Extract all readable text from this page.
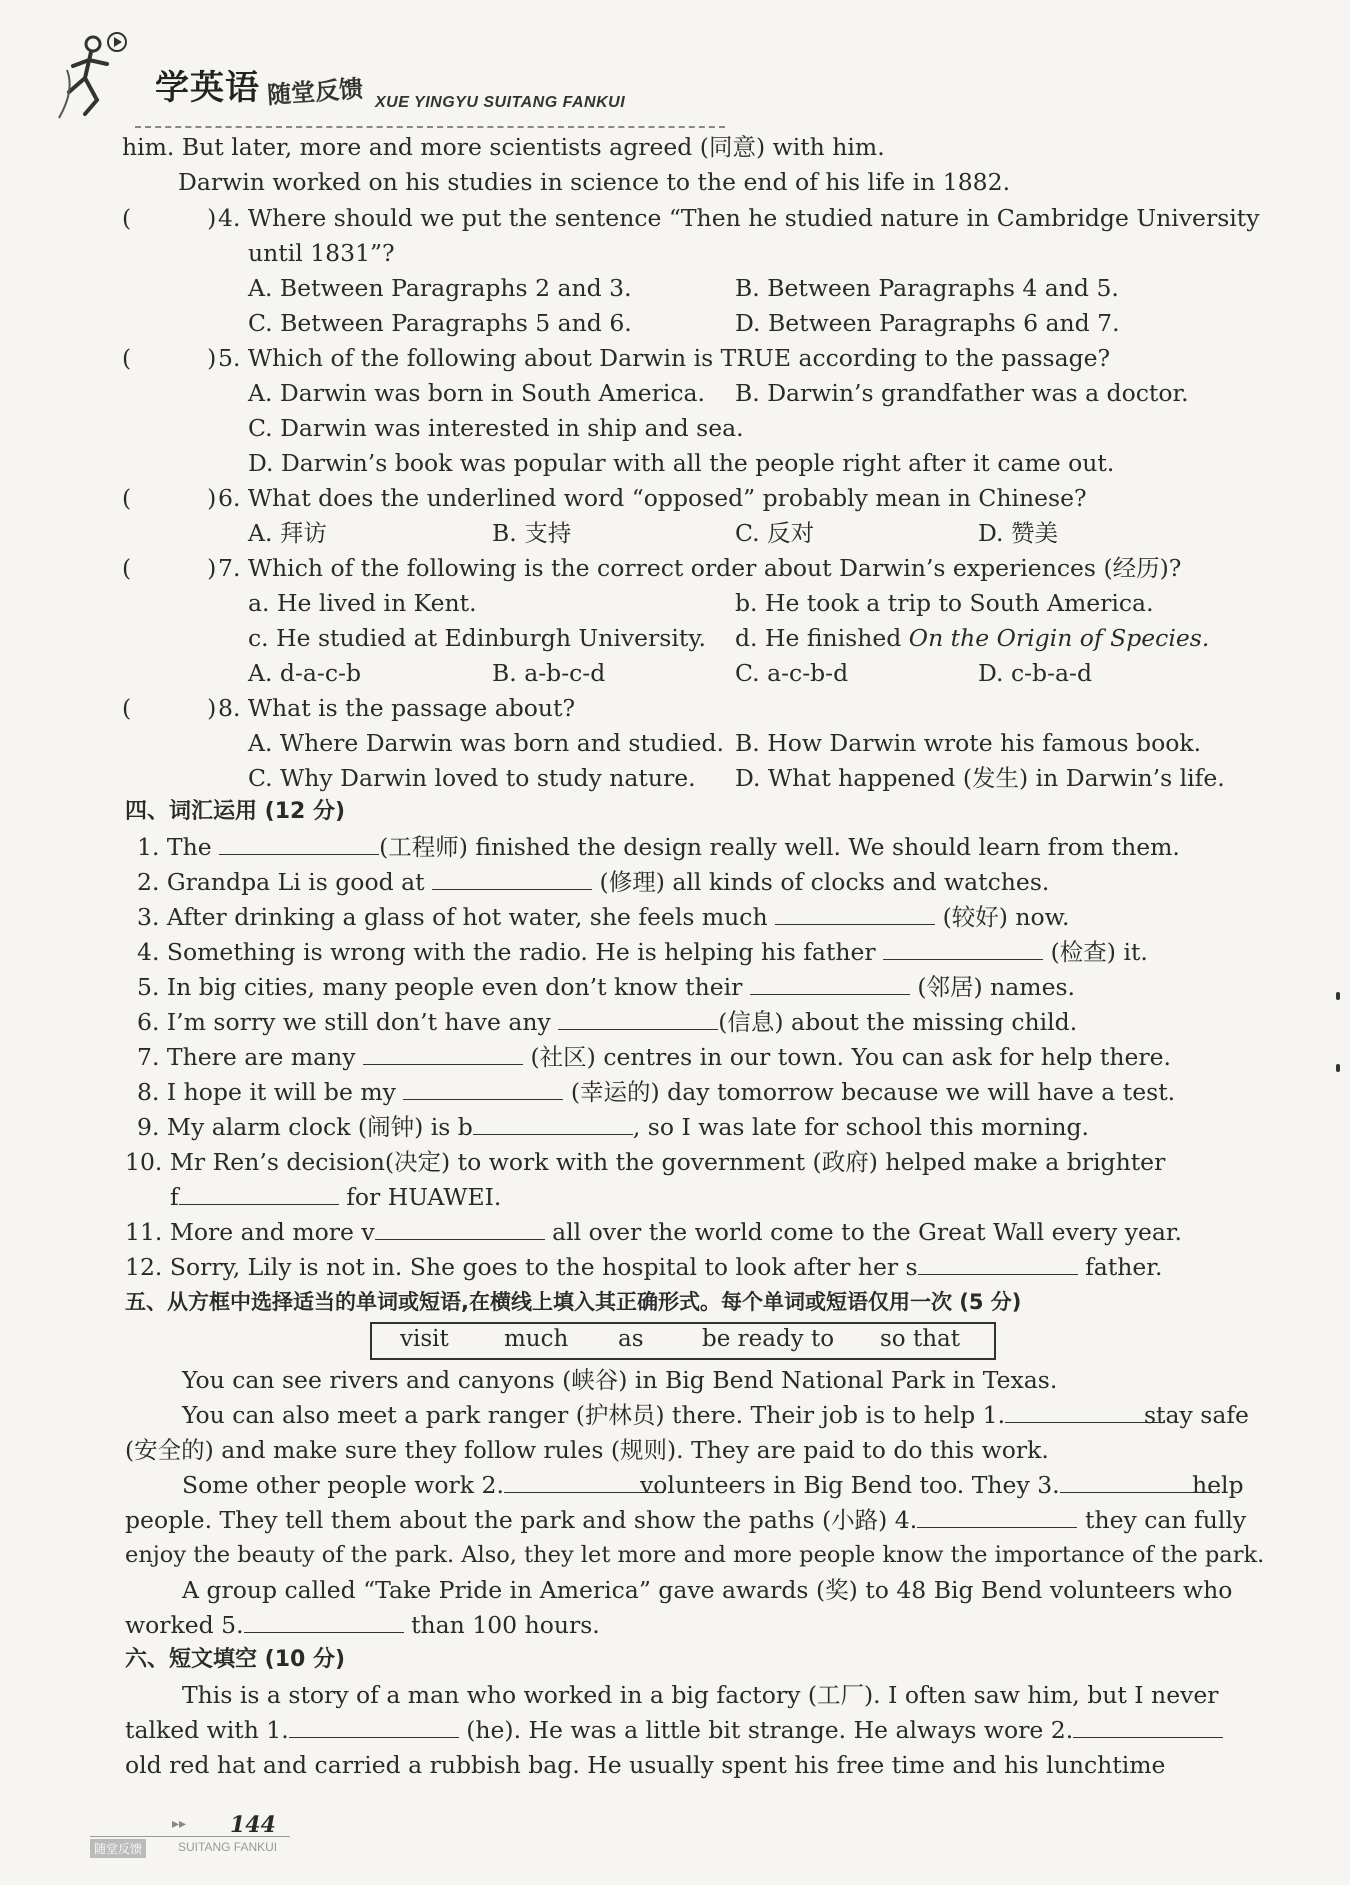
学英语 随堂反馈 XUE YINGYU SUITANG FANKUI
him. But later, more and more scientists agreed (同意) with him.
Darwin worked on his studies in science to the end of his life in 1882.
(	) 4. Where should we put the sentence “Then he studied nature in Cambridge University
until 1831”?
A. Between Paragraphs 2 and 3.	B. Between Paragraphs 4 and 5.
C. Between Paragraphs 5 and 6.	D. Between Paragraphs 6 and 7.
(	) 5. Which of the following about Darwin is TRUE according to the passage?
A. Darwin was born in South America. B. Darwin’s grandfather was a doctor.
C. Darwin was interested in ship and sea.
D. Darwin’s book was popular with all the people right after it came out.
(	) 6. What does the underlined word “opposed” probably mean in Chinese?
A. 拜访	B. 支持	C. 反对	D. 赞美
(	) 7. Which of the following is the correct order about Darwin’s experiences (经历)?
a. He lived in Kent.	b. He took a trip to South America.
c. He studied at Edinburgh University. d. He finished On the Origin of Species.
A. d-a-c-b	B. a-b-c-d	C. a-c-b-d	D. c-b-a-d
(	) 8. What is the passage about?
A. Where Darwin was born and studied. B. How Darwin wrote his famous book.
C. Why Darwin loved to study nature. D. What happened (发生) in Darwin’s life.
四、词汇运用 (12 分)
1. The	(工程师) finished the design really well. We should learn from them.
2. Grandpa Li is good at	(修理) all kinds of clocks and watches.
3. After drinking a glass of hot water, she feels much	(较好) now.
4. Something is wrong with the radio. He is helping his father	(检查) it.
5. In big cities, many people even don’t know their	(邻居) names.
6. I’m sorry we still don’t have any	(信息) about the missing child.
7. There are many	(社区) centres in our town. You can ask for help there.
8. I hope it will be my	(幸运的) day tomorrow because we will have a test.
9. My alarm clock (闹钟) is b	, so I was late for school this morning.
10. Mr Ren’s decision(决定) to work with the government (政府) helped make a brighter
f	for HUAWEI.
11. More and more v	all over the world come to the Great Wall every year.
12. Sorry, Lily is not in. She goes to the hospital to look after her s	father.
五、从方框中选择适当的单词或短语,在横线上填入其正确形式。每个单词或短语仅用一次 (5 分)
visit much as	be ready to so that
You can see rivers and canyons (峡谷) in Big Bend National Park in Texas.
You can also meet a park ranger (护林员) there. Their job is to help 1.	stay safe
(安全的) and make sure they follow rules (规则). They are paid to do this work.
Some other people work 2.	volunteers in Big Bend too. They 3.	help
people. They tell them about the park and show the paths (小路) 4.	they can fully
enjoy the beauty of the park. Also, they let more and more people know the importance of the park.
A group called “Take Pride in America” gave awards (奖) to 48 Big Bend volunteers who
worked 5.	than 100 hours.
六、短文填空 (10 分)
This is a story of a man who worked in a big factory (工厂). I often saw him, but I never
talked with 1.	(he). He was a little bit strange. He always wore 2.
old red hat and carried a rubbish bag. He usually spent his free time and his lunchtime
▸▸ 144
随堂反馈	SUITANG FANKUI
